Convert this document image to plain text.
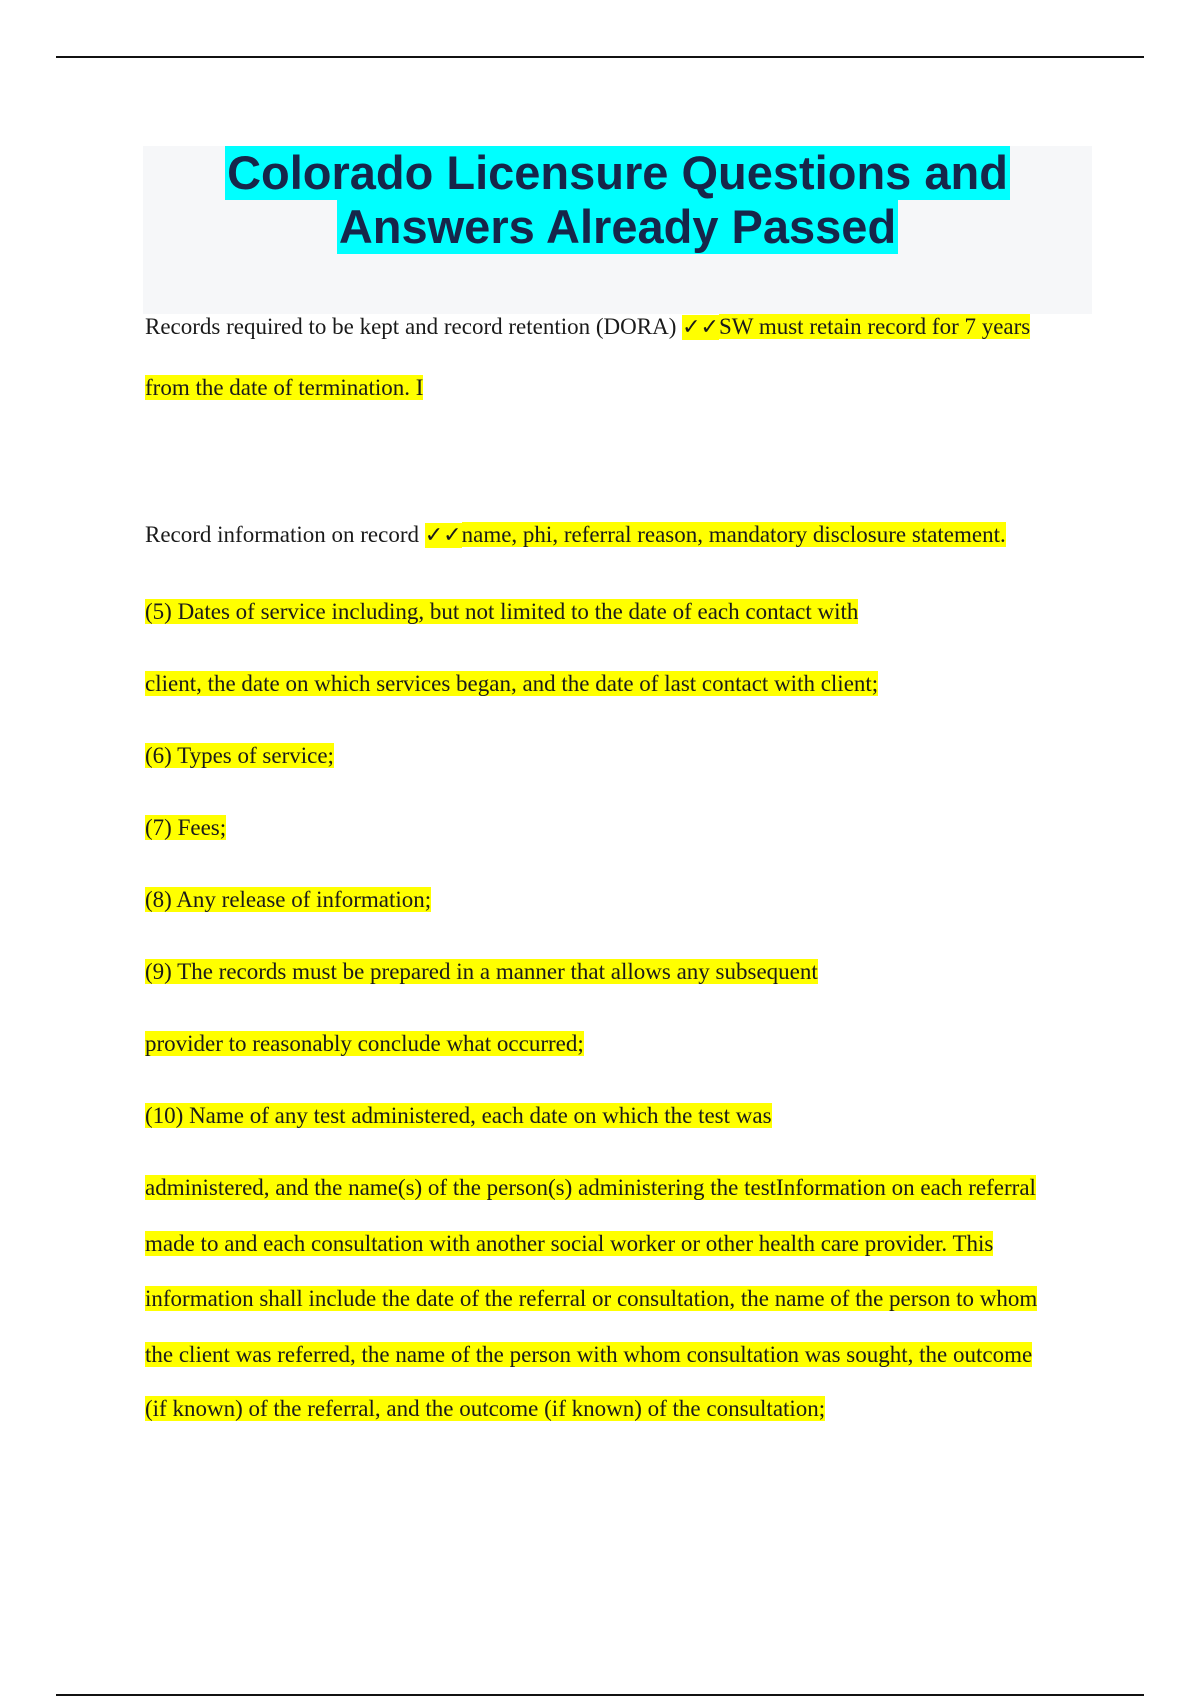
Colorado Licensure Questions and
Answers Already Passed
Records required to be kept and record retention (DORA) ✓✓SW must retain record for 7 years
from the date of termination. I
Record information on record ✓✓name, phi, referral reason, mandatory disclosure statement.
(5) Dates of service including, but not limited to the date of each contact with
client, the date on which services began, and the date of last contact with client;
(6) Types of service;
(7) Fees;
(8) Any release of information;
(9) The records must be prepared in a manner that allows any subsequent
provider to reasonably conclude what occurred;
(10) Name of any test administered, each date on which the test was
administered, and the name(s) of the person(s) administering the testInformation on each referral
made to and each consultation with another social worker or other health care provider. This
information shall include the date of the referral or consultation, the name of the person to whom
the client was referred, the name of the person with whom consultation was sought, the outcome
(if known) of the referral, and the outcome (if known) of the consultation;
